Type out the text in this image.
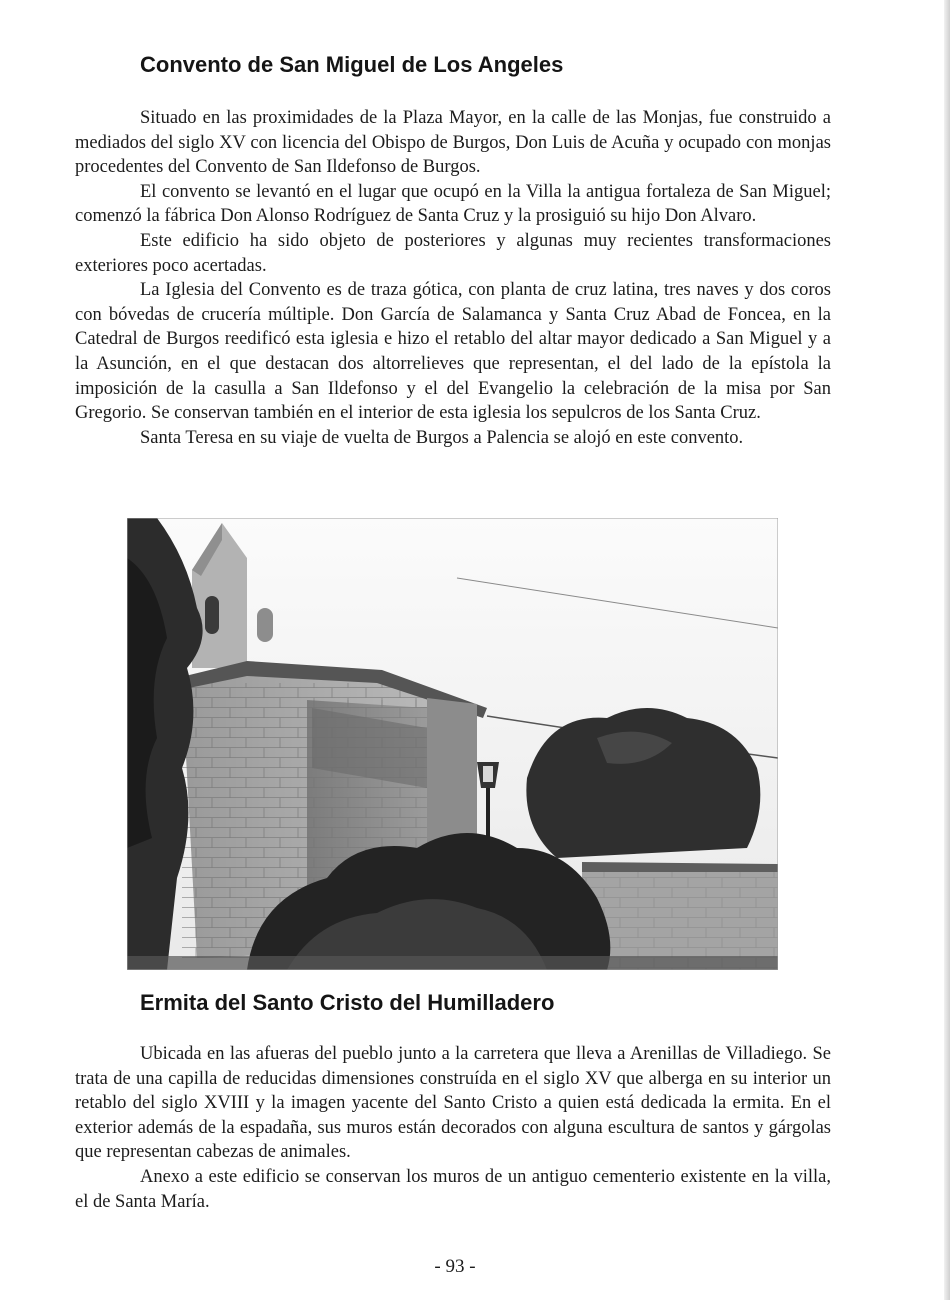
Convento de San Miguel de Los Angeles

Situado en las proximidades de la Plaza Mayor, en la calle de las Monjas, fue construido a mediados del siglo XV con licencia del Obispo de Burgos, Don Luis de Acuña y ocupado con monjas procedentes del Convento de San Ildefonso de Burgos.

El convento se levantó en el lugar que ocupó en la Villa la antigua fortaleza de San Miguel; comenzó la fábrica Don Alonso Rodríguez de Santa Cruz y la prosiguió su hijo Don Alvaro.

Este edificio ha sido objeto de posteriores y algunas muy recientes transformaciones exteriores poco acertadas.

La Iglesia del Convento es de traza gótica, con planta de cruz latina, tres naves y dos coros con bóvedas de crucería múltiple. Don García de Salamanca y Santa Cruz Abad de Foncea, en la Catedral de Burgos reedificó esta iglesia e hizo el retablo del altar mayor dedicado a San Miguel y a la Asunción, en el que destacan dos altorrelieves que representan, el del lado de la epístola la imposición de la casulla a San Ildefonso y el del Evangelio la celebración de la misa por San Gregorio. Se conservan también en el interior de esta iglesia los sepulcros de los Santa Cruz.

Santa Teresa en su viaje de vuelta de Burgos a Palencia se alojó en este convento.

Ermita del Santo Cristo del Humilladero

Ubicada en las afueras del pueblo junto a la carretera que lleva a Arenillas de Villadiego. Se trata de una capilla de reducidas dimensiones construída en el siglo XV que alberga en su interior un retablo del siglo XVIII y la imagen yacente del Santo Cristo a quien está dedicada la ermita. En el exterior además de la espadaña, sus muros están decorados con alguna escultura de santos y gárgolas que representan cabezas de animales.

Anexo a este edificio se conservan los muros de un antiguo cementerio existente en la villa, el de Santa María.

- 93 -
